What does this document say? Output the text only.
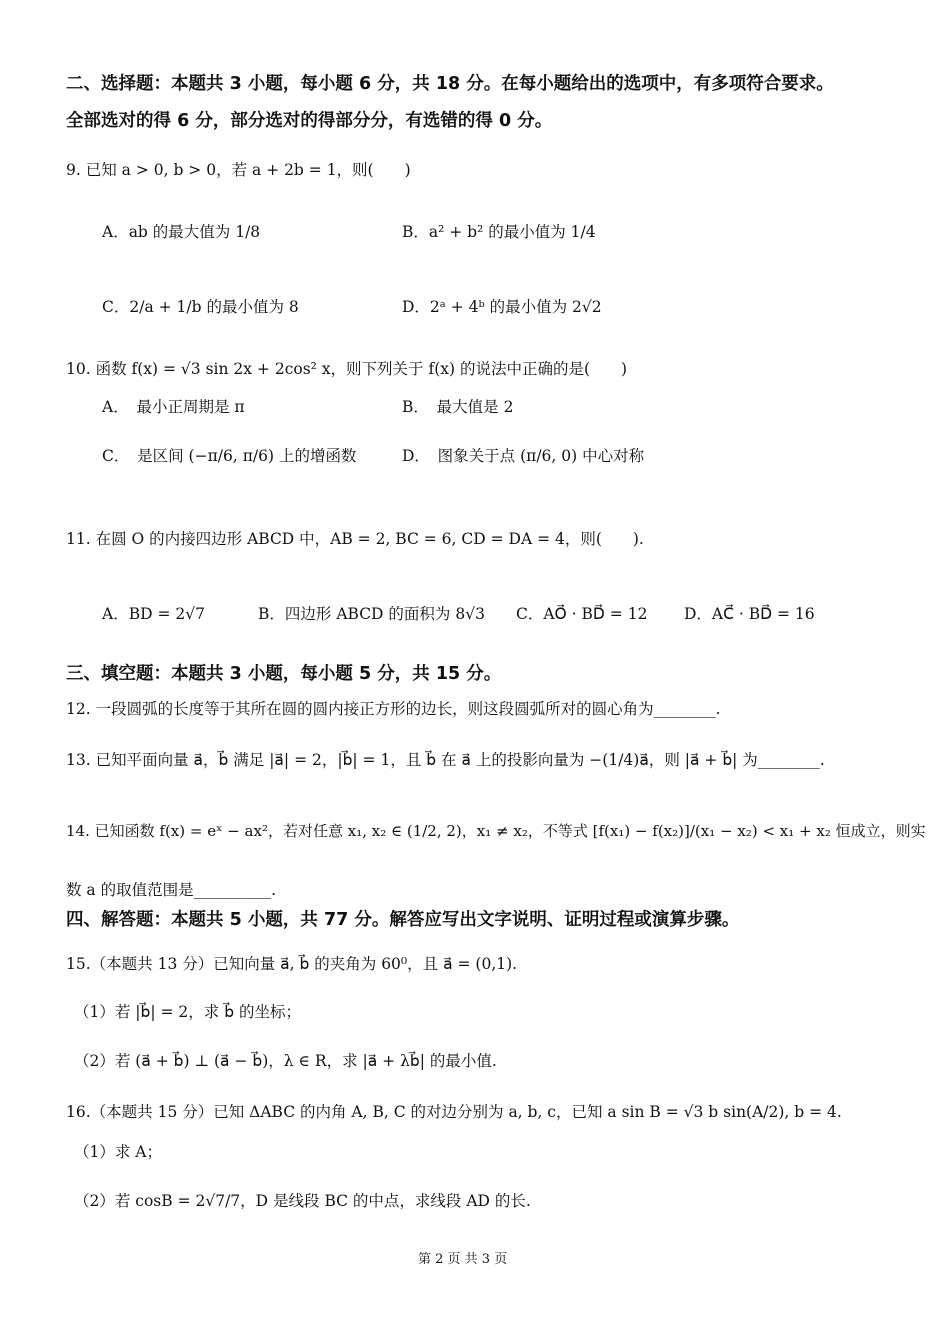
二、选择题：本题共 3 小题，每小题 6 分，共 18 分。在每小题给出的选项中，有多项符合要求。
全部选对的得 6 分，部分选对的得部分分，有选错的得 0 分。
9. 已知 a > 0, b > 0，若 a + 2b = 1，则(　　)
A．ab 的最大值为 1/8	B．a² + b² 的最小值为 1/4
C．2/a + 1/b 的最小值为 8	D．2ᵃ + 4ᵇ 的最小值为 2√2
10. 函数 f(x) = √3 sin 2x + 2cos² x，则下列关于 f(x) 的说法中正确的是(　　)
A．　最小正周期是 π	B．　最大值是 2
C．　是区间 (−π/6, π/6) 上的增函数	D．　图象关于点 (π/6, 0) 中心对称
11. 在圆 O 的内接四边形 ABCD 中，AB = 2, BC = 6, CD = DA = 4，则(　　).
A．BD = 2√7	B．四边形 ABCD 的面积为 8√3 C．AO⃗ · BD⃗ = 12 D．AC⃗ · BD⃗ = 16
三、填空题：本题共 3 小题，每小题 5 分，共 15 分。
12. 一段圆弧的长度等于其所在圆的圆内接正方形的边长，则这段圆弧所对的圆心角为________.
13. 已知平面向量 a⃗，b⃗ 满足 |a⃗| = 2，|b⃗| = 1，且 b⃗ 在 a⃗ 上的投影向量为 −(1/4)a⃗，则 |a⃗ + b⃗| 为________.
14. 已知函数 f(x) = eˣ − ax²，若对任意 x₁, x₂ ∈ (1/2, 2)，x₁ ≠ x₂，不等式 [f(x₁) − f(x₂)]/(x₁ − x₂) < x₁ + x₂ 恒成立，则实
数 a 的取值范围是__________.
四、解答题：本题共 5 小题，共 77 分。解答应写出文字说明、证明过程或演算步骤。
15.（本题共 13 分）已知向量 a⃗, b⃗ 的夹角为 60⁰，且 a⃗ = (0,1).
（1）若 |b⃗| = 2，求 b⃗ 的坐标；
（2）若 (a⃗ + b⃗) ⊥ (a⃗ − b⃗)，λ ∈ R，求 |a⃗ + λb⃗| 的最小值.
16.（本题共 15 分）已知 ΔABC 的内角 A, B, C 的对边分别为 a, b, c，已知 a sin B = √3 b sin(A/2), b = 4.
（1）求 A；
（2）若 cosB = 2√7/7，D 是线段 BC 的中点，求线段 AD 的长.
第 2 页 共 3 页
